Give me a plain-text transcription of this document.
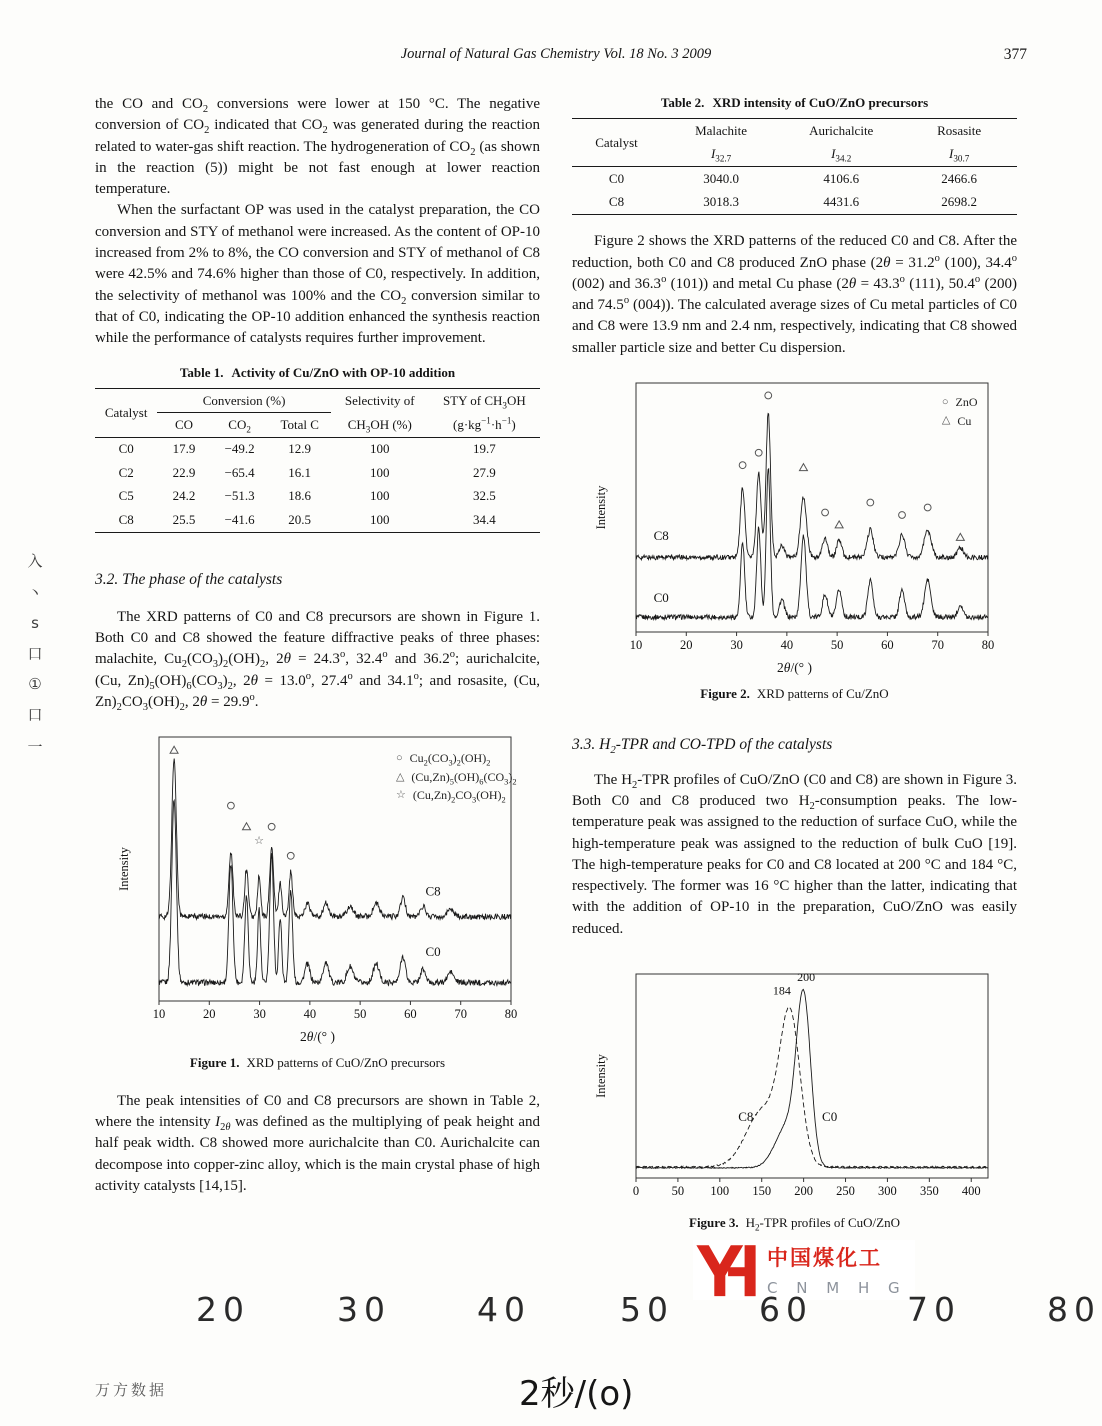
Journal of Natural Gas Chemistry Vol. 18 No. 3 2009	377

the CO and $CO_2$ conversions were lower at 150 °C. The negative conversion of $CO_2$ indicated that $CO_2$ was generated during the reaction related to water-gas shift reaction. The hydrogeneration of $CO_2$ (as shown in the reaction (5)) might be not fast enough at lower reaction temperature.

When the surfactant OP was used in the catalyst preparation, the CO conversion and STY of methanol were increased. As the content of OP-10 increased from 2% to 8%, the CO conversion and STY of methanol of C8 were 42.5% and 74.6% higher than those of C0, respectively. In addition, the selectivity of methanol was 100% and the $CO_2$ conversion similar to that of C0, indicating the OP-10 addition enhanced the synthesis reaction while the performance of catalysts requires further improvement.

Table 1. Activity of Cu/ZnO with OP-10 addition
Catalyst	Conversion (%)			Selectivity of	STY of $CH_3OH$
	CO	$CO_2$	Total C	$CH_3OH$ (%)	$(g\cdot kg^{-1}\cdot h^{-1})$
C0	17.9	−49.2	12.9	100	19.7
C2	22.9	−65.4	16.1	100	27.9
C5	24.2	−51.3	18.6	100	32.5
C8	25.5	−41.6	20.5	100	34.4
3.2. The phase of the catalysts

The XRD patterns of C0 and C8 precursors are shown in Figure 1. Both C0 and C8 showed the feature diffractive peaks of three phases: malachite, $Cu_2(CO_3)_2(OH)_2$, $2\theta = 24.3^o$, 32.4$^o$ and 36.2$^o$; aurichalcite, (Cu, $Zn)_5(OH)_6(CO_3)_2$, $2\theta = 13.0^o$, 27.4$^o$ and 34.1$^o$; and rosasite, (Cu, $Zn)_2CO_3(OH)_2$, $2\theta = 29.9^o$.

10	20	30	40	50	60	70	80
Intensity
C8
C0
☆
○ $Cu_2(CO_3)_2(OH)_2$
△ $(Cu,Zn)_5(OH)_6(CO_3)_2$
☆ $(Cu,Zn)_2CO_3(OH)_2$
2θ/(° )
Figure 1. XRD patterns of CuO/ZnO precursors

The peak intensities of C0 and C8 precursors are shown in Table 2, where the intensity $I_{2\theta}$ was defined as the multiplying of peak height and half peak width. C8 showed more aurichalcite than C0. Aurichalcite can decompose into copper-zinc alloy, which is the main crystal phase of high activity catalysts [14,15].

Table 2. XRD intensity of CuO/ZnO precursors
Catalyst	Malachite	Aurichalcite	Rosasite
	$I_{32.7}$	$I_{34.2}$	$I_{30.7}$
C0	3040.0	4106.6	2466.6
C8	3018.3	4431.6	2698.2

Figure 2 shows the XRD patterns of the reduced C0 and C8. After the reduction, both C0 and C8 produced ZnO phase ($2\theta = 31.2^o$ (100), 34.4$^o$ (002) and 36.3$^o$ (101)) and metal Cu phase ($2\theta = 43.3^o$ (111), 50.4$^o$ (200) and 74.5$^o$ (004)). The calculated average sizes of Cu metal particles of C0 and C8 were 13.9 nm and 2.4 nm, respectively, indicating that C8 showed smaller particle size and better Cu dispersion.

10	20	30	40	50	60	70	80
Intensity
C8
C0
○ ZnO
△ Cu
2θ/(° )
Figure 2. XRD patterns of Cu/ZnO
3.3. $H_2$-TPR and CO-TPD of the catalysts

The $H_2$-TPR profiles of CuO/ZnO (C0 and C8) are shown in Figure 3. Both C0 and C8 produced two $H_2$-consumption peaks. The low-temperature peak was assigned to the reduction of surface CuO, while the high-temperature peak was assigned to the reduction of bulk CuO [19]. The high-temperature peaks for C0 and C8 located at 200 °C and 184 °C, respectively. The former was 16 °C higher than the latter, indicating that with the addition of OP-10 in the preparation, CuO/ZnO was easily reduced.

0	50 100 150 200 250 300 350 400
Intensity
C8	C0
184
200
Figure 3. $H_2$-TPR profiles of CuO/ZnO
入
丶
s
口
①
口
一
20	30	40	50	60	70	80
2秒/(o)
万方数据
中国煤化工
C N M H G
